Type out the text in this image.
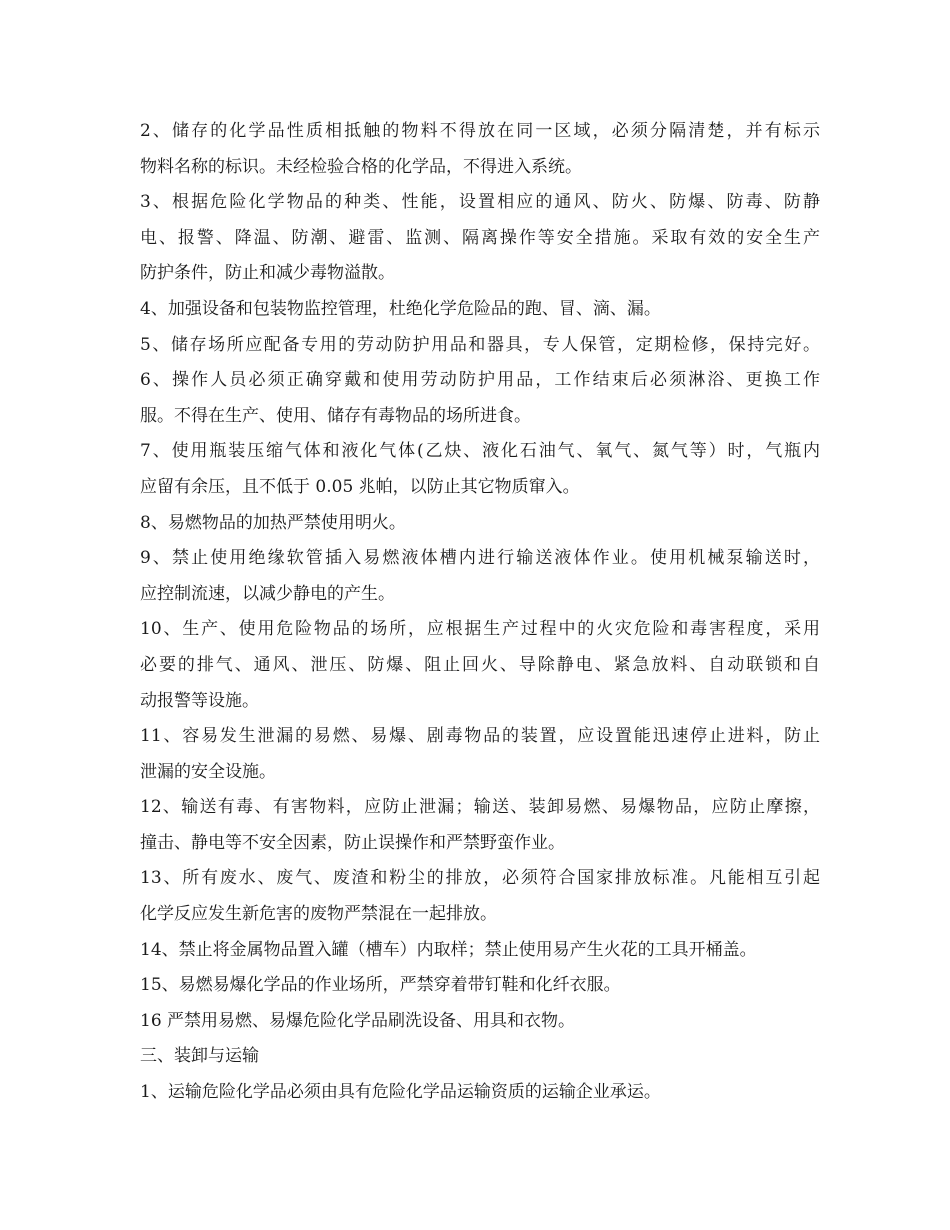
2、储存的化学品性质相抵触的物料不得放在同一区域，必须分隔清楚，并有标示
物料名称的标识。未经检验合格的化学品，不得进入系统。
3、根据危险化学物品的种类、性能，设置相应的通风、防火、防爆、防毒、防静
电、报警、降温、防潮、避雷、监测、隔离操作等安全措施。采取有效的安全生产
防护条件，防止和减少毒物溢散。
4、加强设备和包装物监控管理，杜绝化学危险品的跑、冒、滴、漏。
5、储存场所应配备专用的劳动防护用品和器具，专人保管，定期检修，保持完好。
6、操作人员必须正确穿戴和使用劳动防护用品，工作结束后必须淋浴、更换工作
服。不得在生产、使用、储存有毒物品的场所进食。
7、使用瓶装压缩气体和液化气体(乙炔、液化石油气、氧气、氮气等）时，气瓶内
应留有余压，且不低于 0.05 兆帕，以防止其它物质窜入。
8、易燃物品的加热严禁使用明火。
9、禁止使用绝缘软管插入易燃液体槽内进行输送液体作业。使用机械泵输送时，
应控制流速，以减少静电的产生。
10、生产、使用危险物品的场所，应根据生产过程中的火灾危险和毒害程度，采用
必要的排气、通风、泄压、防爆、阻止回火、导除静电、紧急放料、自动联锁和自
动报警等设施。
11、容易发生泄漏的易燃、易爆、剧毒物品的装置，应设置能迅速停止进料，防止
泄漏的安全设施。
12、输送有毒、有害物料，应防止泄漏；输送、装卸易燃、易爆物品，应防止摩擦，
撞击、静电等不安全因素，防止误操作和严禁野蛮作业。
13、所有废水、废气、废渣和粉尘的排放，必须符合国家排放标准。凡能相互引起
化学反应发生新危害的废物严禁混在一起排放。
14、禁止将金属物品置入罐（槽车）内取样；禁止使用易产生火花的工具开桶盖。
15、易燃易爆化学品的作业场所，严禁穿着带钉鞋和化纤衣服。
16 严禁用易燃、易爆危险化学品刷洗设备、用具和衣物。
三、装卸与运输
1、运输危险化学品必须由具有危险化学品运输资质的运输企业承运。
